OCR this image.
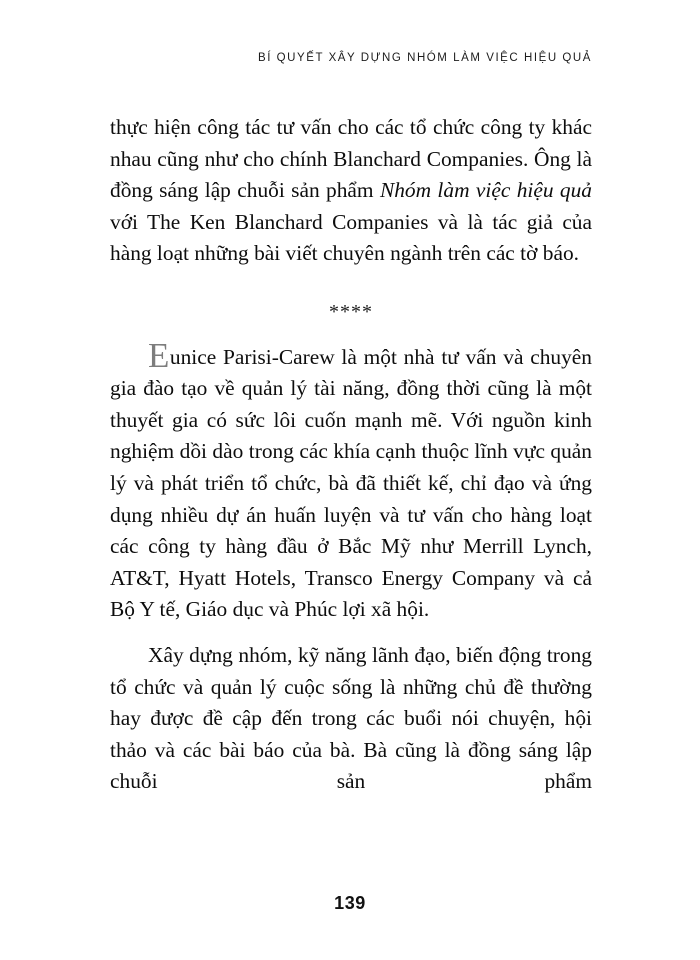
BÍ QUYẾT XÂY DỰNG NHÓM LÀM VIỆC HIỆU QUẢ

thực hiện công tác tư vấn cho các tổ chức công ty khác nhau cũng như cho chính Blanchard Companies. Ông là đồng sáng lập chuỗi sản phẩm Nhóm làm việc hiệu quả với The Ken Blanchard Companies và là tác giả của hàng loạt những bài viết chuyên ngành trên các tờ báo.

****

Eunice Parisi-Carew là một nhà tư vấn và chuyên gia đào tạo về quản lý tài năng, đồng thời cũng là một thuyết gia có sức lôi cuốn mạnh mẽ. Với nguồn kinh nghiệm dồi dào trong các khía cạnh thuộc lĩnh vực quản lý và phát triển tổ chức, bà đã thiết kế, chỉ đạo và ứng dụng nhiều dự án huấn luyện và tư vấn cho hàng loạt các công ty hàng đầu ở Bắc Mỹ như Merrill Lynch, AT&T, Hyatt Hotels, Transco Energy Company và cả Bộ Y tế, Giáo dục và Phúc lợi xã hội.

Xây dựng nhóm, kỹ năng lãnh đạo, biến động trong tổ chức và quản lý cuộc sống là những chủ đề thường hay được đề cập đến trong các buổi nói chuyện, hội thảo và các bài báo của bà. Bà cũng là đồng sáng lập chuỗi sản phẩm

139
